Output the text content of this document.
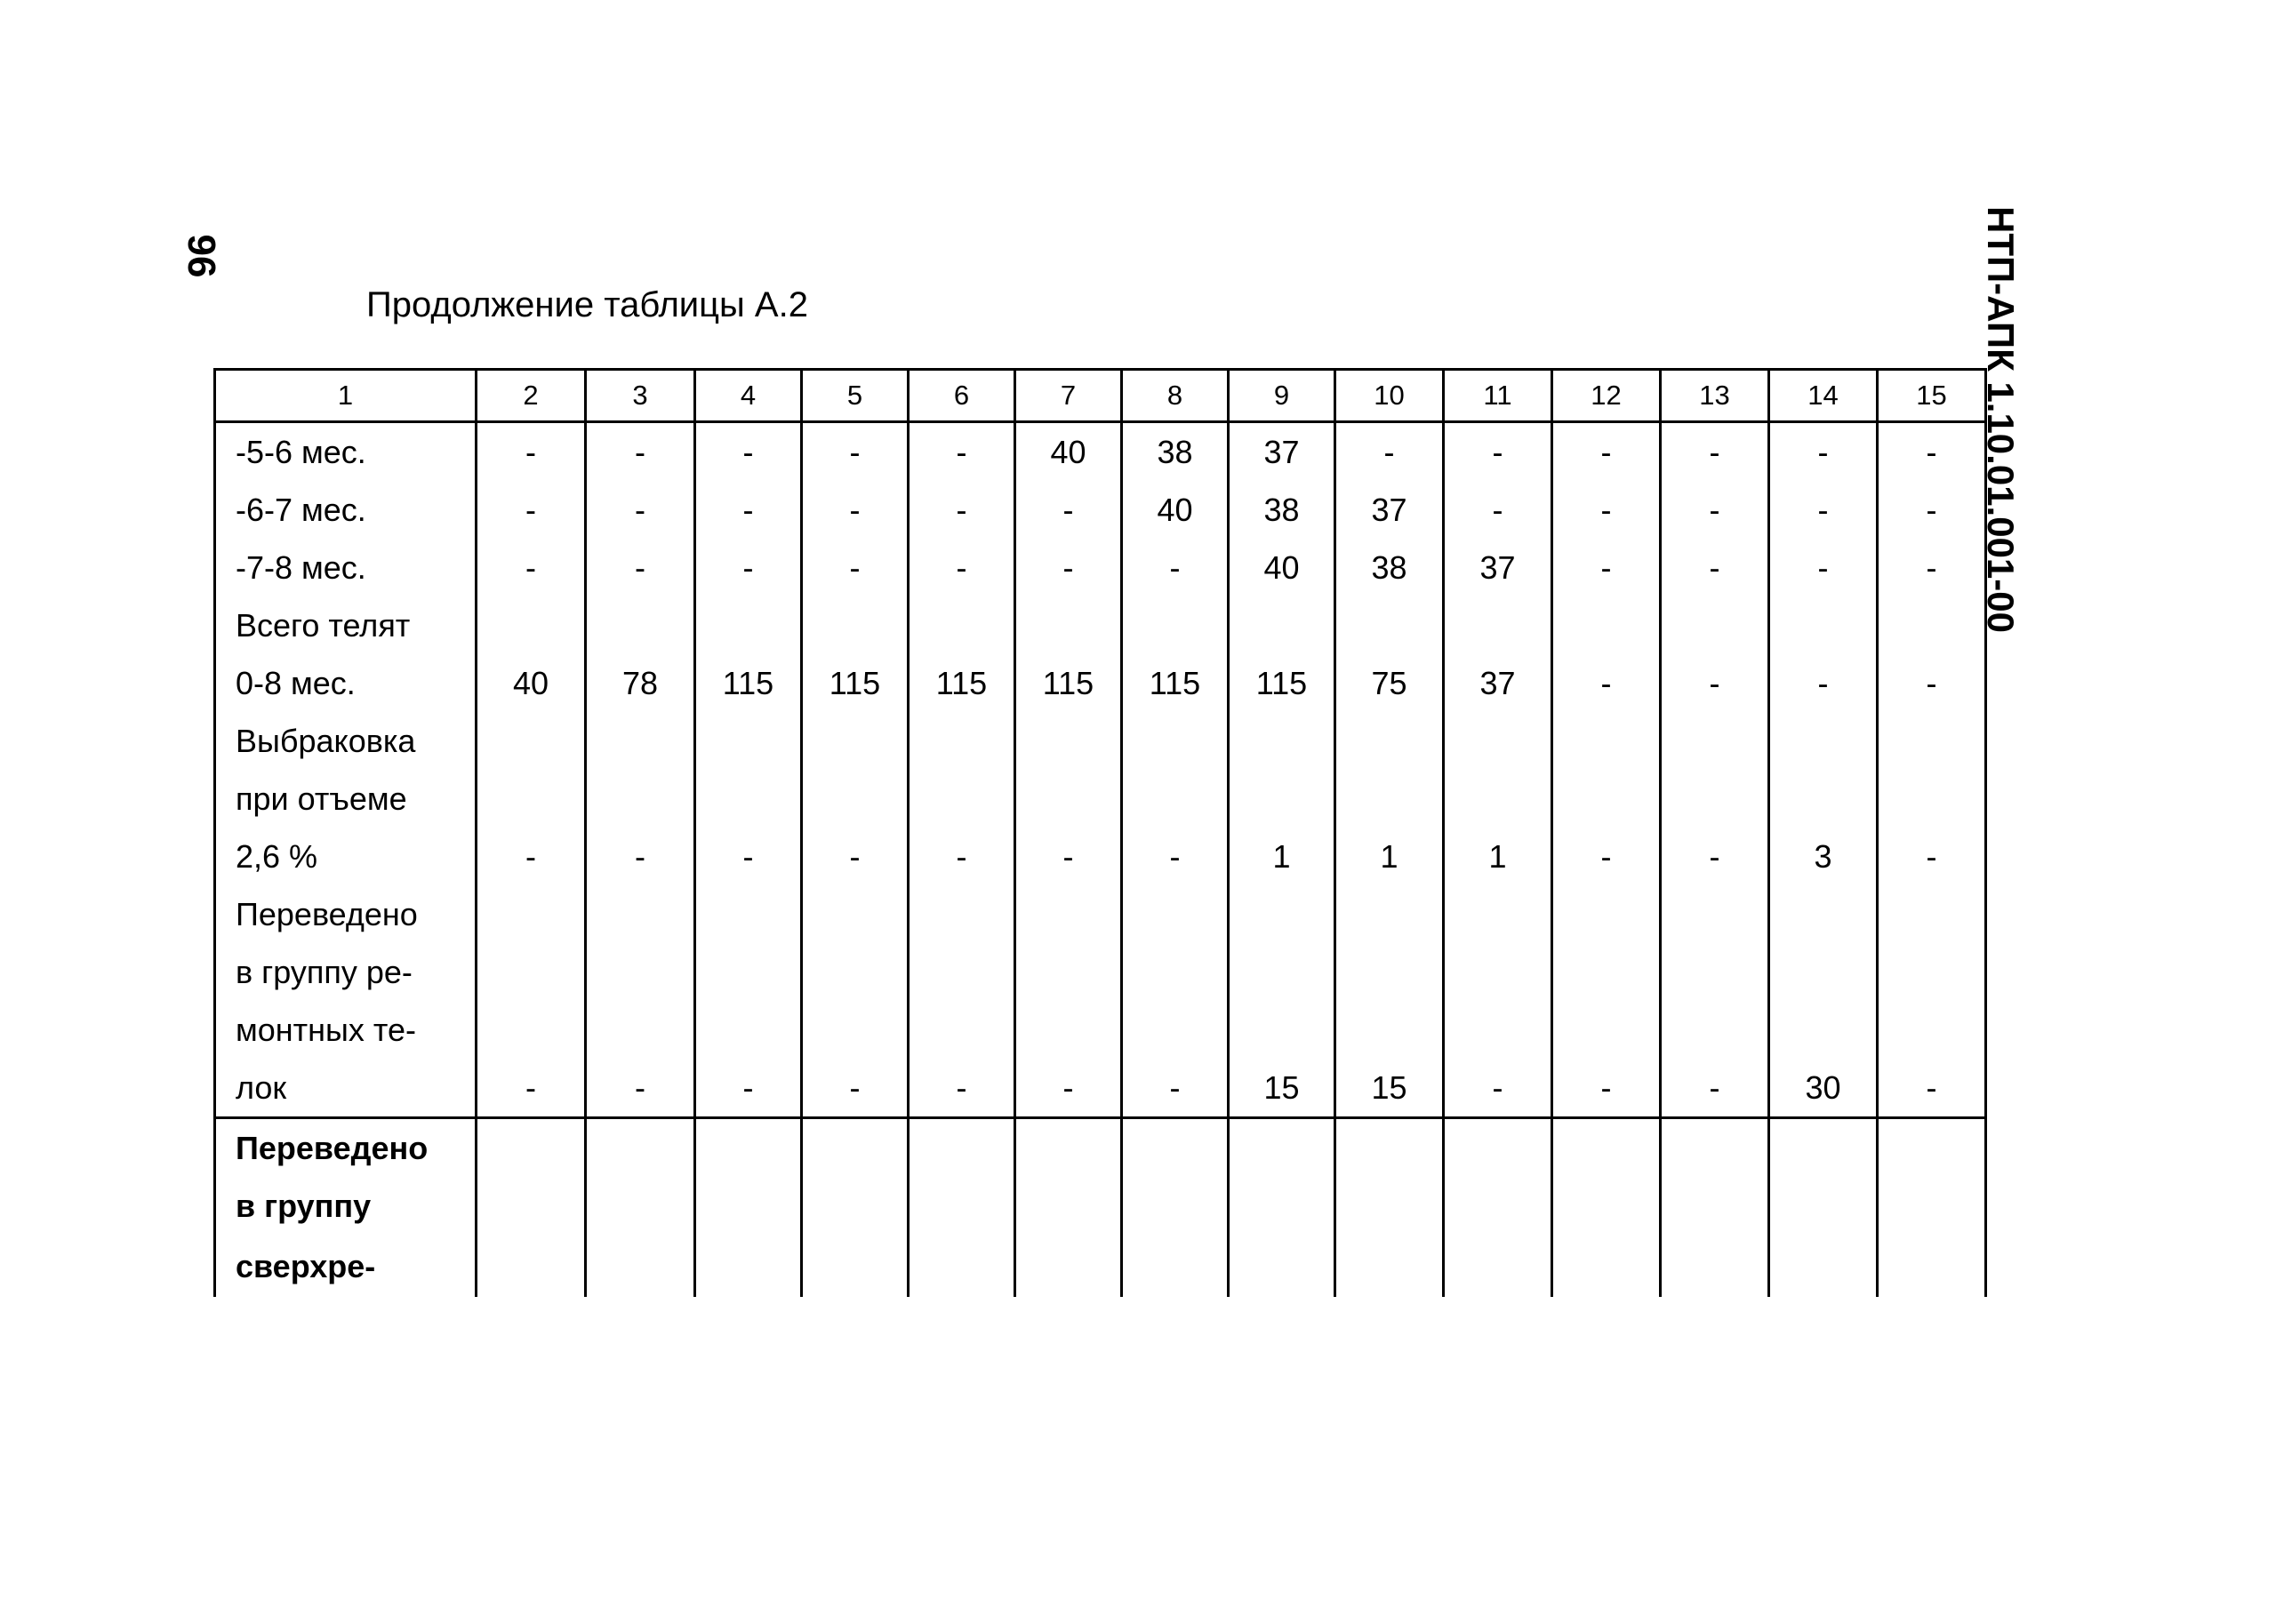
96	НТП-АПК 1.10.01.001-00
Продолжение таблицы А.2
1	2	3	4	5	6	7	8	9	10	11	12	13	14	15
-5-6 мес.	-	-	-	-	-	40	38	37	-	-	-	-	-	-
-6-7 мес.	-	-	-	-	-	-	40	38	37	-	-	-	-	-
-7-8 мес.	-	-	-	-	-	-	-	40	38	37	-	-	-	-
Всего телят														
0-8 мес.	40	78	115	115	115	115	115	115	75	37	-	-	-	-
Выбраковка														
при отъеме														
2,6 %	-	-	-	-	-	-	-	1	1	1	-	-	3	-
Переведено														
в группу ре-														
монтных те-														
лок	-	-	-	-	-	-	-	15	15	-	-	-	30	-
Переведено														
в группу														
сверхре-														
